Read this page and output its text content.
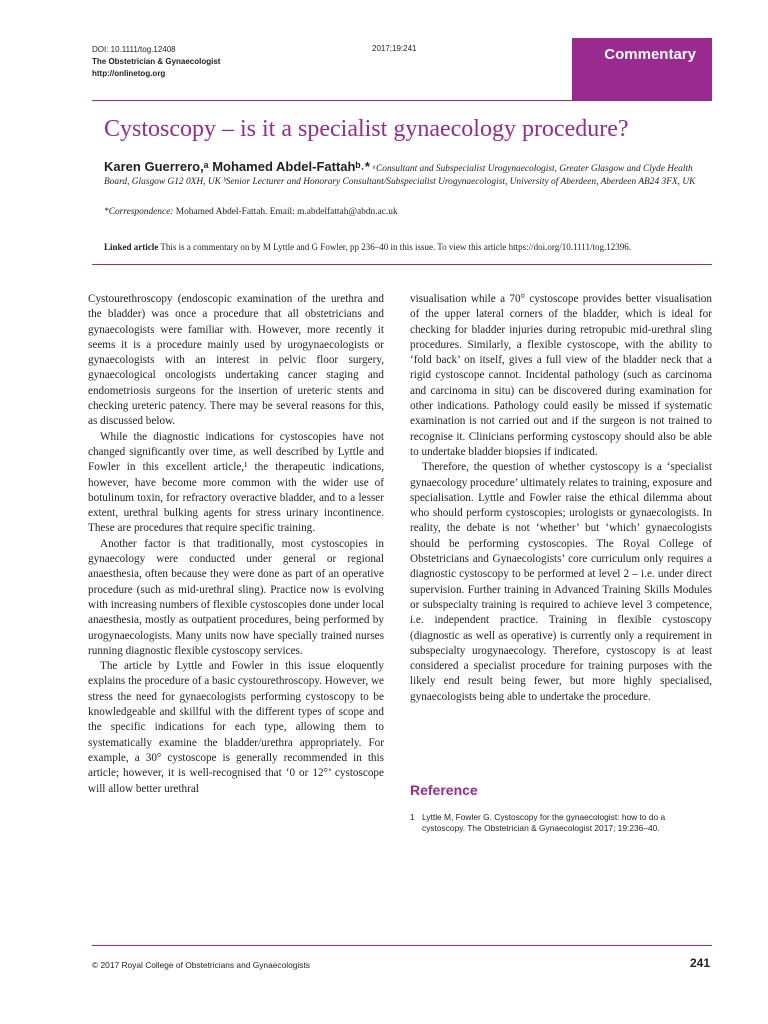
DOI: 10.1111/tog.12408
The Obstetrician & Gynaecologist
http://onlinetog.org
2017;19:241	Commentary
Cystoscopy – is it a specialist gynaecology procedure?
Karen Guerrero,ᵃ Mohamed Abdel-Fattahᵇ˒* ᵃConsultant and Subspecialist Urogynaecologist, Greater Glasgow and Clyde Health Board, Glasgow G12 0XH, UK ᵇSenior Lecturer and Honorary Consultant/Subspecialist Urogynaecologist, University of Aberdeen, Aberdeen AB24 3FX, UK
*Correspondence: Mohamed Abdel-Fattah. Email: m.abdelfattah@abdn.ac.uk
Linked article This is a commentary on by M Lyttle and G Fowler, pp 236–40 in this issue. To view this article https://doi.org/10.1111/tog.12396.

Cystourethroscopy (endoscopic examination of the urethra and the bladder) was once a procedure that all obstetricians and gynaecologists were familiar with. However, more recently it seems it is a procedure mainly used by urogynaecologists or gynaecologists with an interest in pelvic floor surgery, gynaecological oncologists undertaking cancer staging and endometriosis surgeons for the insertion of ureteric stents and checking ureteric patency. There may be several reasons for this, as discussed below.

While the diagnostic indications for cystoscopies have not changed significantly over time, as well described by Lyttle and Fowler in this excellent article,¹ the therapeutic indications, however, have become more common with the wider use of botulinum toxin, for refractory overactive bladder, and to a lesser extent, urethral bulking agents for stress urinary incontinence. These are procedures that require specific training.

Another factor is that traditionally, most cystoscopies in gynaecology were conducted under general or regional anaesthesia, often because they were done as part of an operative procedure (such as mid-urethral sling). Practice now is evolving with increasing numbers of flexible cystoscopies done under local anaesthesia, mostly as outpatient procedures, being performed by urogynaecologists. Many units now have specially trained nurses running diagnostic flexible cystoscopy services.

The article by Lyttle and Fowler in this issue eloquently explains the procedure of a basic cystourethroscopy. However, we stress the need for gynaecologists performing cystoscopy to be knowledgeable and skillful with the different types of scope and the specific indications for each type, allowing them to systematically examine the bladder/urethra appropriately. For example, a 30° cystoscope is generally recommended in this article; however, it is well-recognised that ‘0 or 12°’ cystoscope will allow better urethral

visualisation while a 70° cystoscope provides better visualisation of the upper lateral corners of the bladder, which is ideal for checking for bladder injuries during retropubic mid-urethral sling procedures. Similarly, a flexible cystoscope, with the ability to ‘fold back’ on itself, gives a full view of the bladder neck that a rigid cystoscope cannot. Incidental pathology (such as carcinoma and carcinoma in situ) can be discovered during examination for other indications. Pathology could easily be missed if systematic examination is not carried out and if the surgeon is not trained to recognise it. Clinicians performing cystoscopy should also be able to undertake bladder biopsies if indicated.

Therefore, the question of whether cystoscopy is a ‘specialist gynaecology procedure’ ultimately relates to training, exposure and specialisation. Lyttle and Fowler raise the ethical dilemma about who should perform cystoscopies; urologists or gynaecologists. In reality, the debate is not ‘whether’ but ‘which’ gynaecologists should be performing cystoscopies. The Royal College of Obstetricians and Gynaecologists’ core curriculum only requires a diagnostic cystoscopy to be performed at level 2 – i.e. under direct supervision. Further training in Advanced Training Skills Modules or subspecialty training is required to achieve level 3 competence, i.e. independent practice. Training in flexible cystoscopy (diagnostic as well as operative) is currently only a requirement in subspecialty urogynaecology. Therefore, cystoscopy is at least considered a specialist procedure for training purposes with the likely end result being fewer, but more highly specialised, gynaecologists being able to undertake the procedure.

Reference
1 Lyttle M, Fowler G. Cystoscopy for the gynaecologist: how to do a cystoscopy. The Obstetrician & Gynaecologist 2017; 19:236–40.
© 2017 Royal College of Obstetricians and Gynaecologists	241
